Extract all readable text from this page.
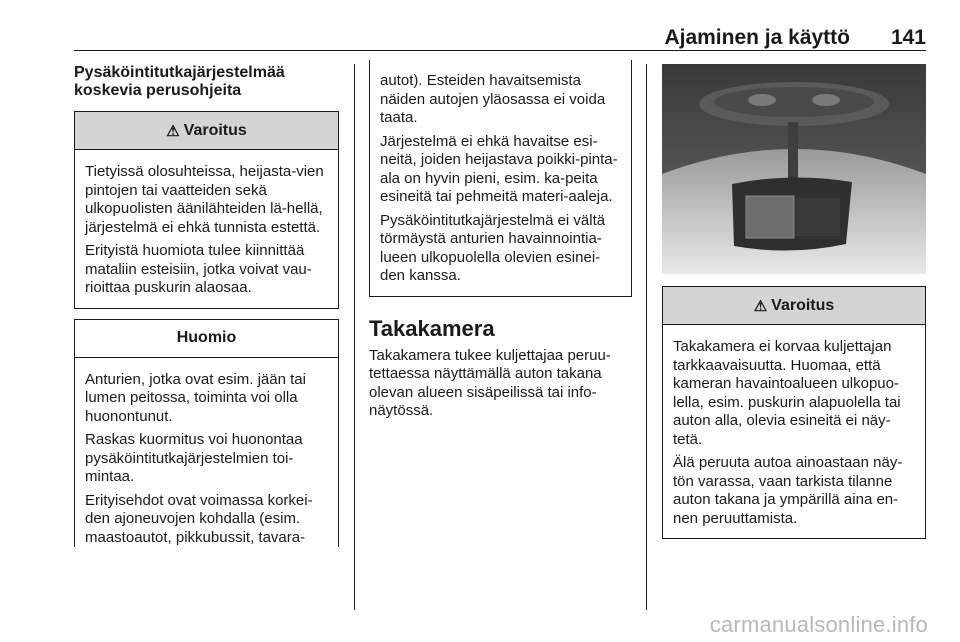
Ajaminen ja käyttö	141
Pysäköintitutkajärjestelmää koskevia perusohjeita
⚠ Varoitus

Tietyissä olosuhteissa, heijasta-vien pintojen tai vaatteiden sekä ulkopuolisten äänilähteiden lä-hellä, järjestelmä ei ehkä tunnista estettä.

Erityistä huomiota tulee kiinnittää mataliin esteisiin, jotka voivat vau-rioittaa puskurin alaosaa.

Huomio

Anturien, jotka ovat esim. jään tai lumen peitossa, toiminta voi olla huonontunut.

Raskas kuormitus voi huonontaa pysäköintitutkajärjestelmien toi-mintaa.

Erityisehdot ovat voimassa korkei-den ajoneuvojen kohdalla (esim. maastoautot, pikkubussit, tavara-

autot). Esteiden havaitsemista näiden autojen yläosassa ei voida taata.

Järjestelmä ei ehkä havaitse esi-neitä, joiden heijastava poikki-pinta-ala on hyvin pieni, esim. ka-peita esineitä tai pehmeitä materi-aaleja.

Pysäköintitutkajärjestelmä ei vältä törmäystä anturien havainnointia-lueen ulkopuolella olevien esinei-den kanssa.

Takakamera

Takakamera tukee kuljettajaa peruu-tettaessa näyttämällä auton takana olevan alueen sisäpeilissä tai info-näytössä.

⚠ Varoitus

Takakamera ei korvaa kuljettajan tarkkaavaisuutta. Huomaa, että kameran havaintoalueen ulkopuo-lella, esim. puskurin alapuolella tai auton alla, olevia esineitä ei näy-tetä.

Älä peruuta autoa ainoastaan näy-tön varassa, vaan tarkista tilanne auton takana ja ympärillä aina en-nen peruuttamista.

carmanualsonline.info
